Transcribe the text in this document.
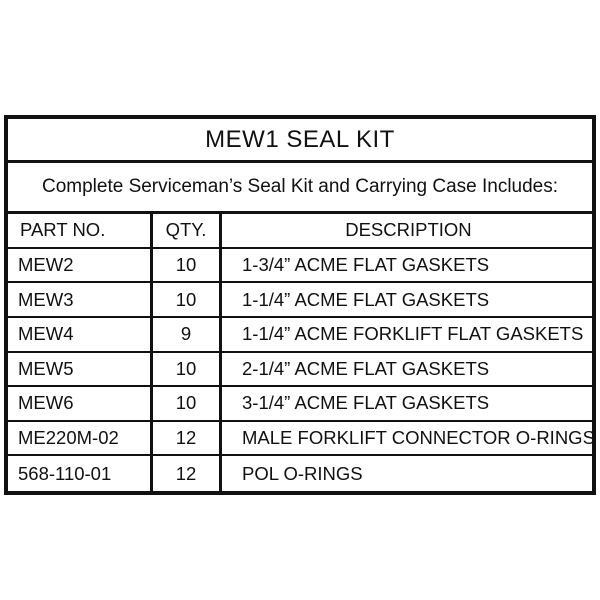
MEW1 SEAL KIT
Complete Serviceman’s Seal Kit and Carrying Case Includes:
PART NO.	QTY.	DESCRIPTION
MEW2	10	1-3/4” ACME FLAT GASKETS
MEW3	10	1-1/4” ACME FLAT GASKETS
MEW4	9	1-1/4” ACME FORKLIFT FLAT GASKETS
MEW5	10	2-1/4” ACME FLAT GASKETS
MEW6	10	3-1/4” ACME FLAT GASKETS
ME220M-02	12	MALE FORKLIFT CONNECTOR O-RINGS
568-110-01	12	POL O-RINGS
